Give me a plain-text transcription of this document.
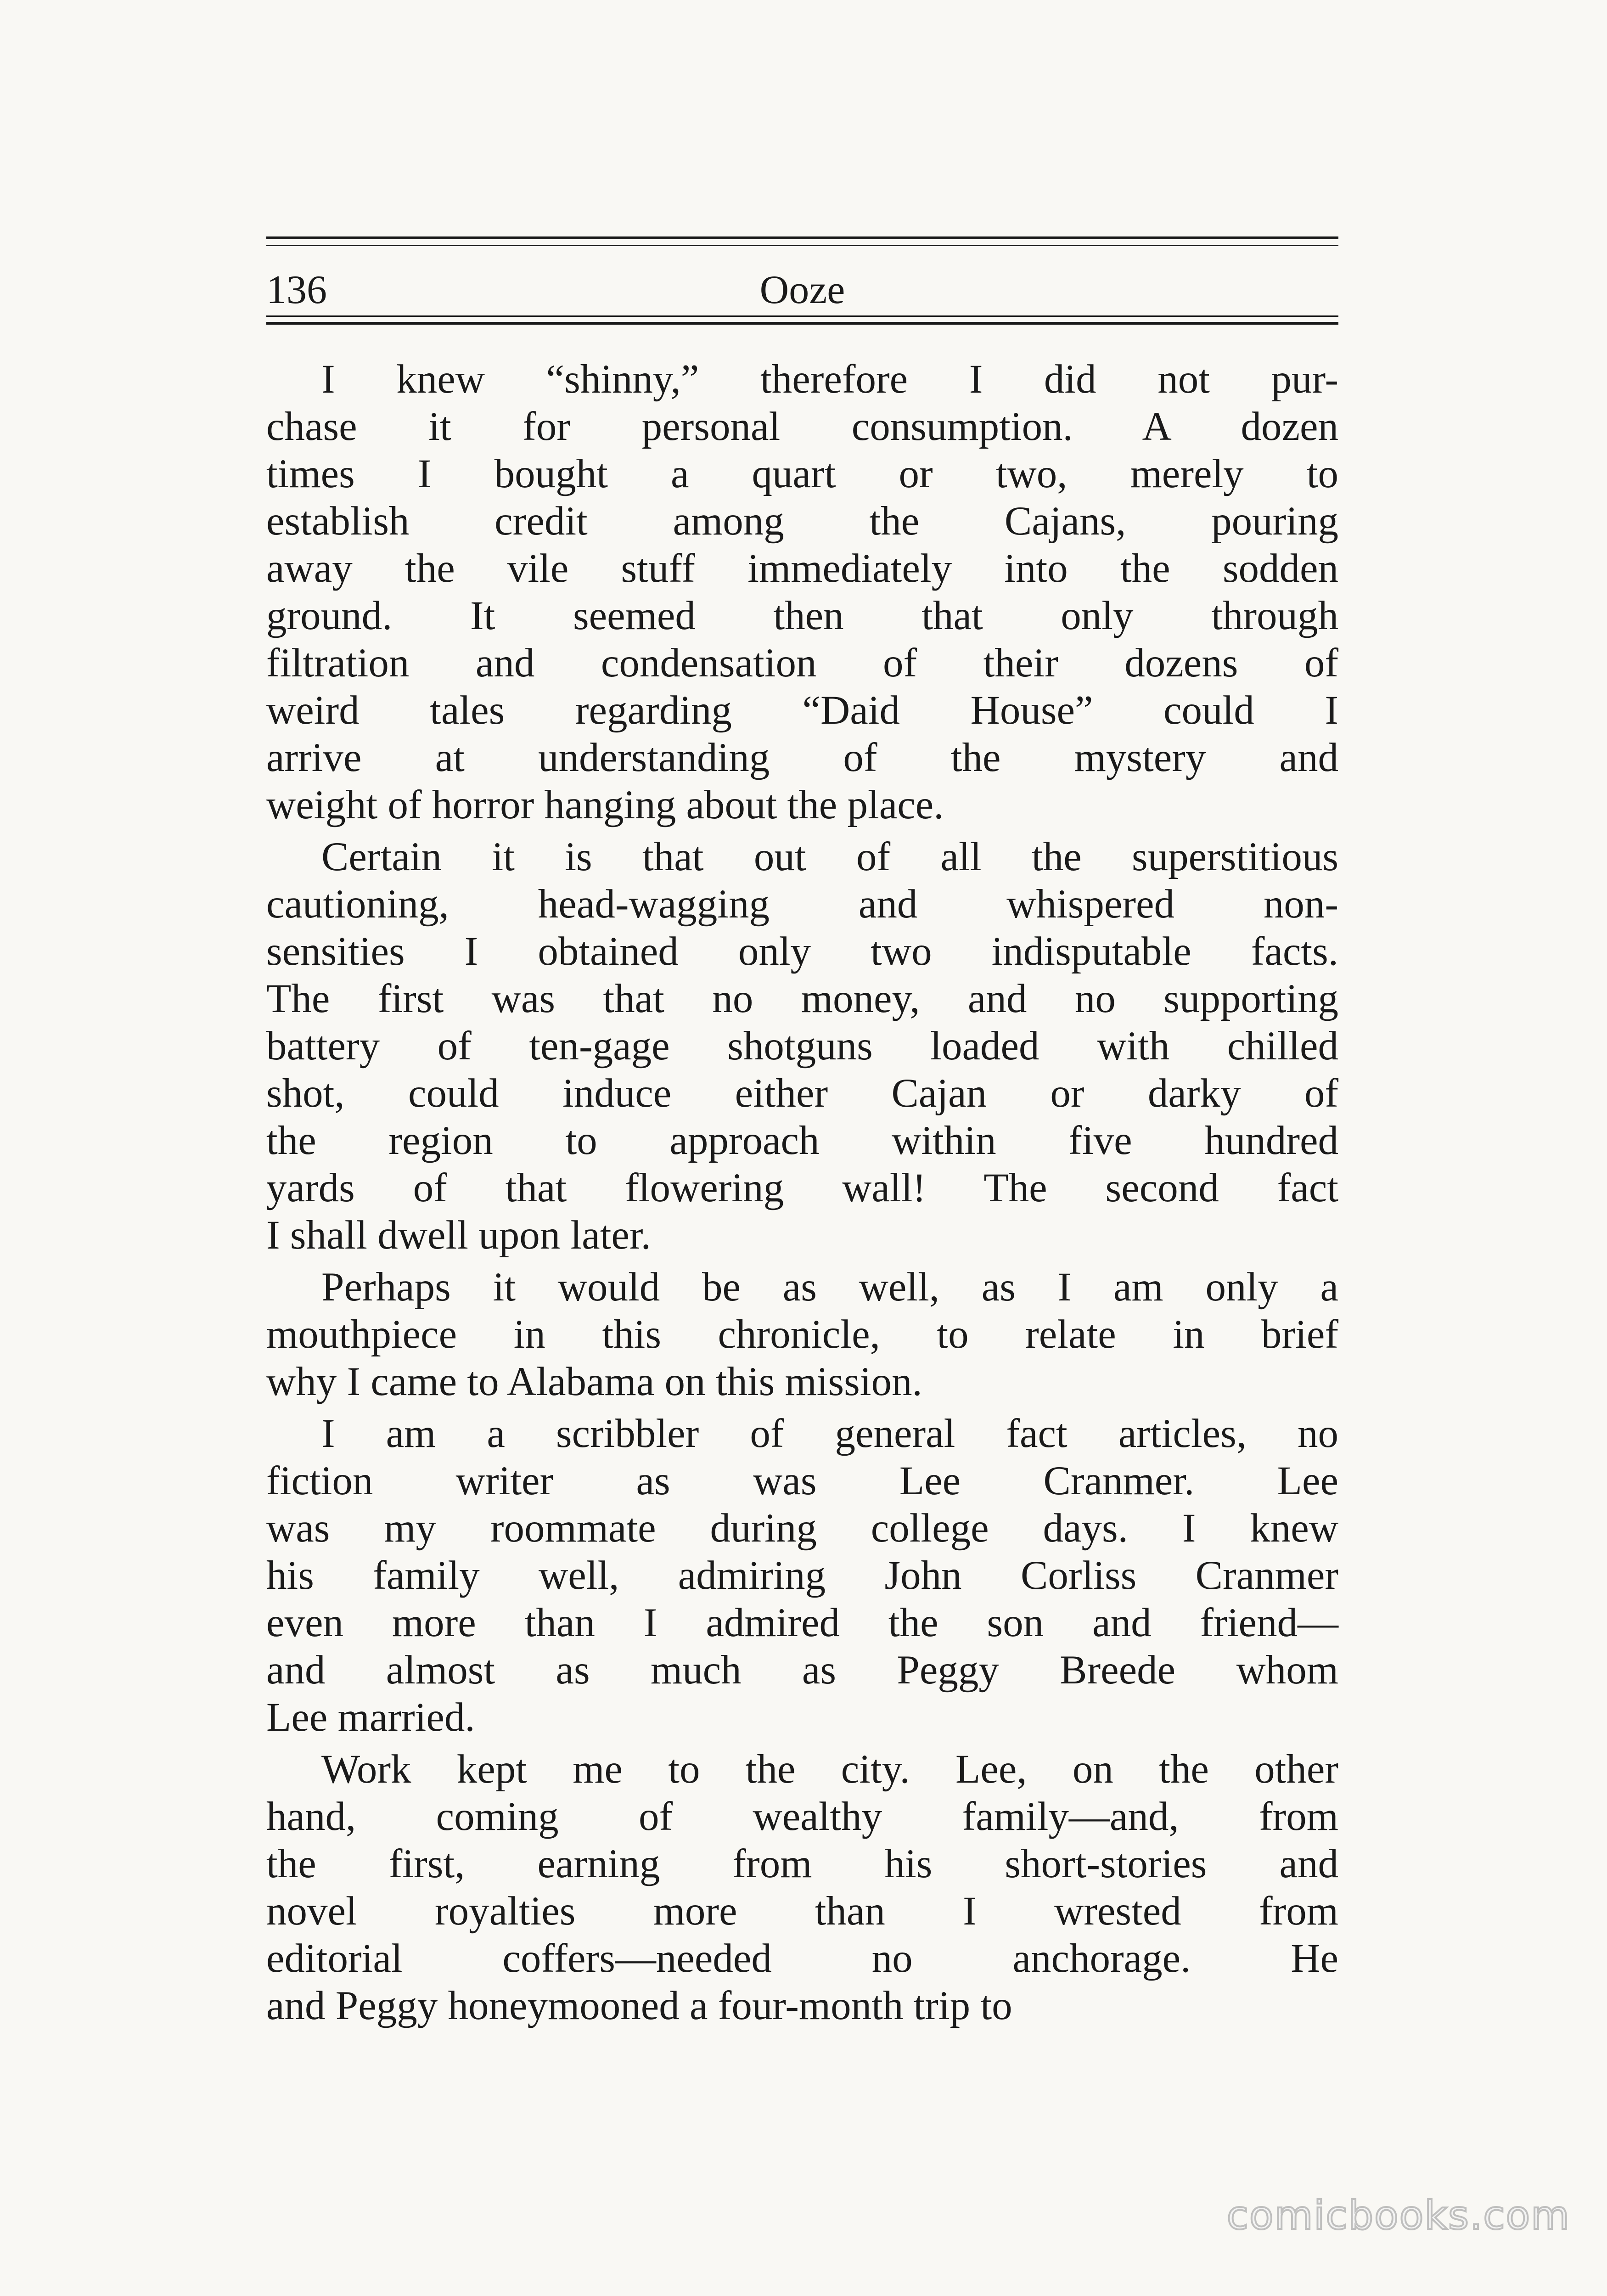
136	Ooze

I knew “shinny,” therefore I did not pur-
chase it for personal consumption. A dozen
times I bought a quart or two, merely to
establish credit among the Cajans, pouring
away the vile stuff immediately into the sodden
ground. It seemed then that only through
filtration and condensation of their dozens of
weird tales regarding “Daid House” could I
arrive at understanding of the mystery and
weight of horror hanging about the place.

Certain it is that out of all the superstitious
cautioning, head-wagging and whispered non-
sensities I obtained only two indisputable facts.
The first was that no money, and no supporting
battery of ten-gage shotguns loaded with chilled
shot, could induce either Cajan or darky of
the region to approach within five hundred
yards of that flowering wall! The second fact
I shall dwell upon later.

Perhaps it would be as well, as I am only a
mouthpiece in this chronicle, to relate in brief
why I came to Alabama on this mission.

I am a scribbler of general fact articles, no
fiction writer as was Lee Cranmer. Lee
was my roommate during college days. I knew
his family well, admiring John Corliss Cranmer
even more than I admired the son and friend—
and almost as much as Peggy Breede whom
Lee married.

Work kept me to the city. Lee, on the other
hand, coming of wealthy family—and, from
the first, earning from his short-stories and
novel royalties more than I wrested from
editorial coffers—needed no anchorage. He
and Peggy honeymooned a four-month trip to

comicbooks.com
